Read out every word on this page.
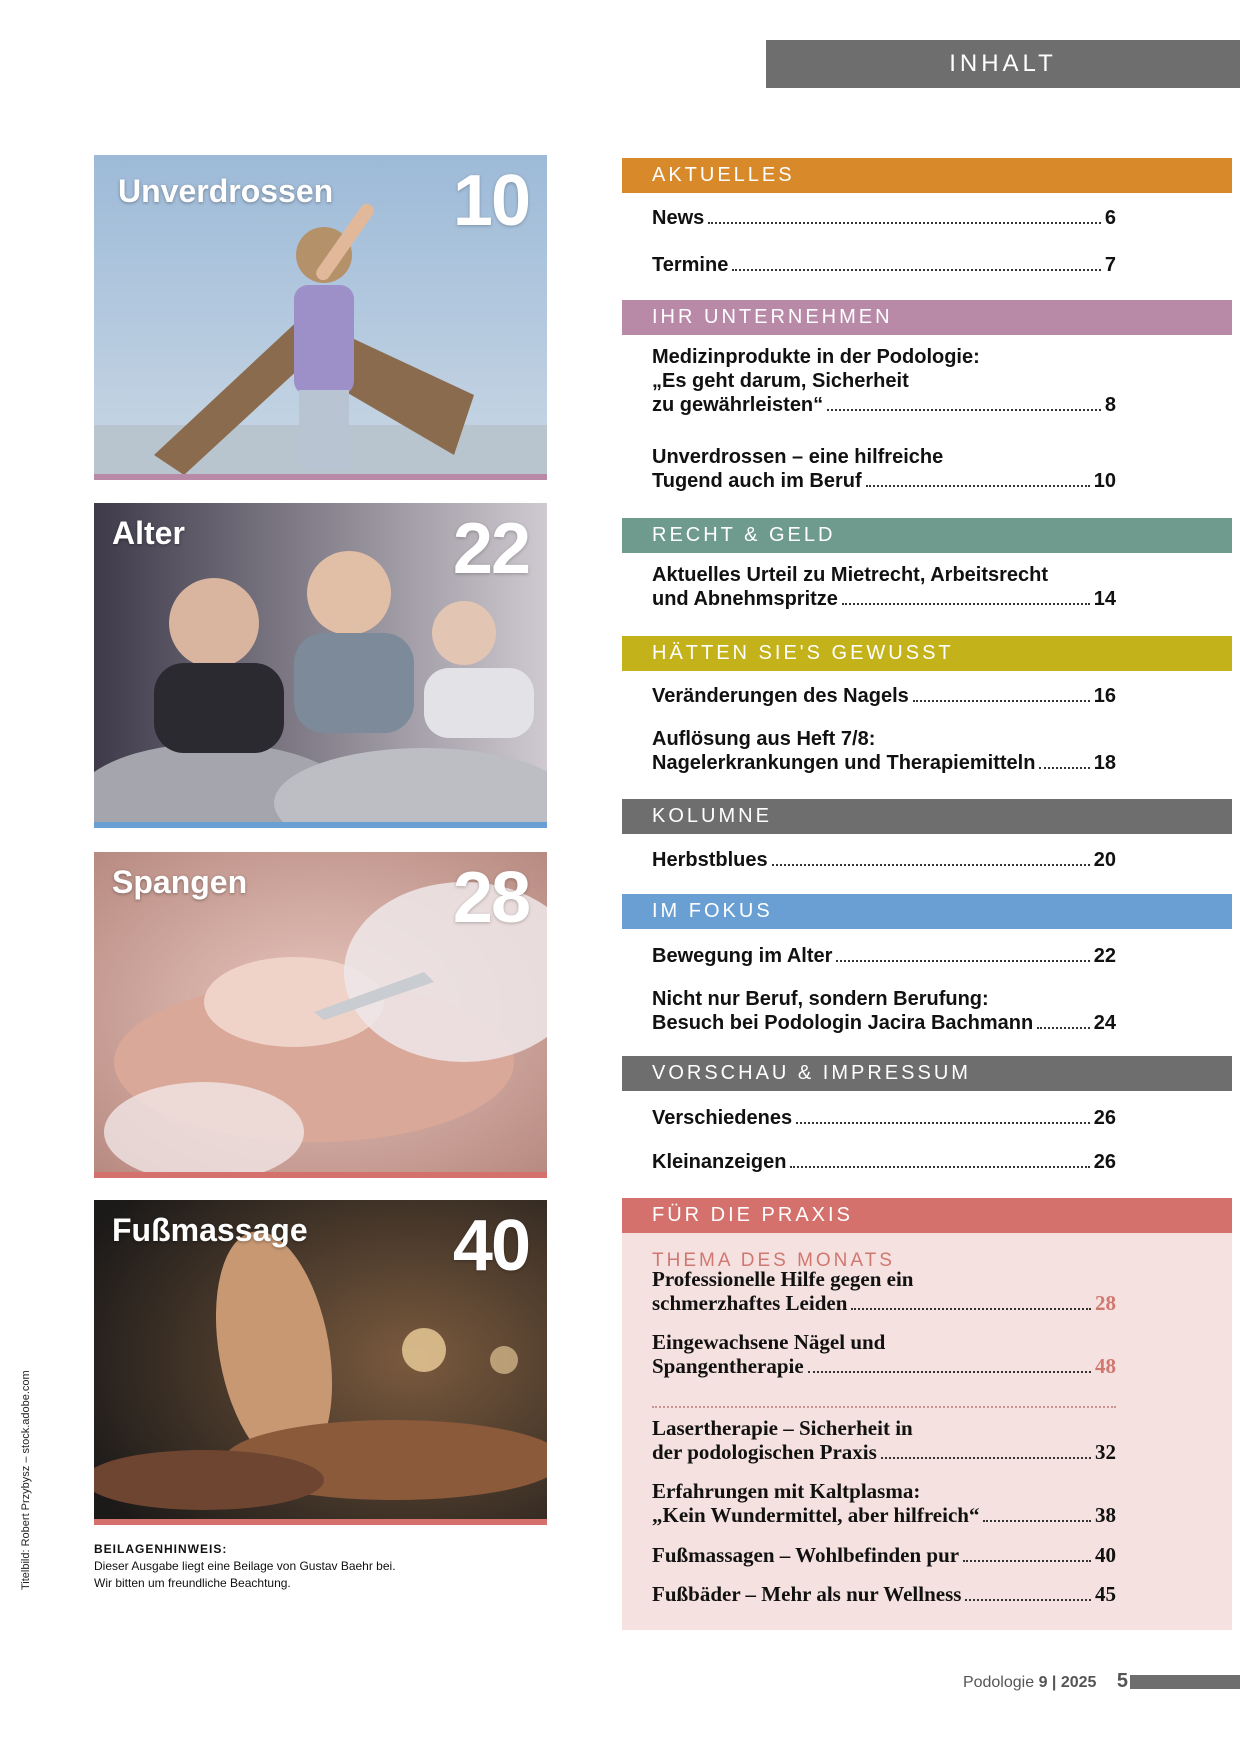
INHALT
Unverdrossen 10
Alter	22
Spangen	28
Fußmassage 40
BEILAGENHINWEIS:
Dieser Ausgabe liegt eine Beilage von Gustav Baehr bei.
Wir bitten um freundliche Beachtung.
Titelbild: Robert Przybysz – stock.adobe.com
AKTUELLES
News	6
Termine	7
IHR UNTERNEHMEN
Medizinprodukte in der Podologie:
„Es geht darum, Sicherheit
zu gewährleisten“	8
Unverdrossen – eine hilfreiche
Tugend auch im Beruf	10
RECHT & GELD
Aktuelles Urteil zu Mietrecht, Arbeitsrecht
und Abnehmspritze	14
HÄTTEN SIE'S GEWUSST
Veränderungen des Nagels	16
Auflösung aus Heft 7/8:
Nagelerkrankungen und Therapiemitteln	18
KOLUMNE
Herbstblues	20
IM FOKUS
Bewegung im Alter	22
Nicht nur Beruf, sondern Berufung:
Besuch bei Podologin Jacira Bachmann	24
VORSCHAU & IMPRESSUM
Verschiedenes	26
Kleinanzeigen	26
FÜR DIE PRAXIS
THEMA DES MONATS
Professionelle Hilfe gegen ein
schmerzhaftes Leiden	28
Eingewachsene Nägel und
Spangentherapie	48
Lasertherapie – Sicherheit in
der podologischen Praxis	32
Erfahrungen mit Kaltplasma:
„Kein Wundermittel, aber hilfreich“	38
Fußmassagen – Wohlbefinden pur	40
Fußbäder – Mehr als nur Wellness	45
Podologie 9 | 2025 5
